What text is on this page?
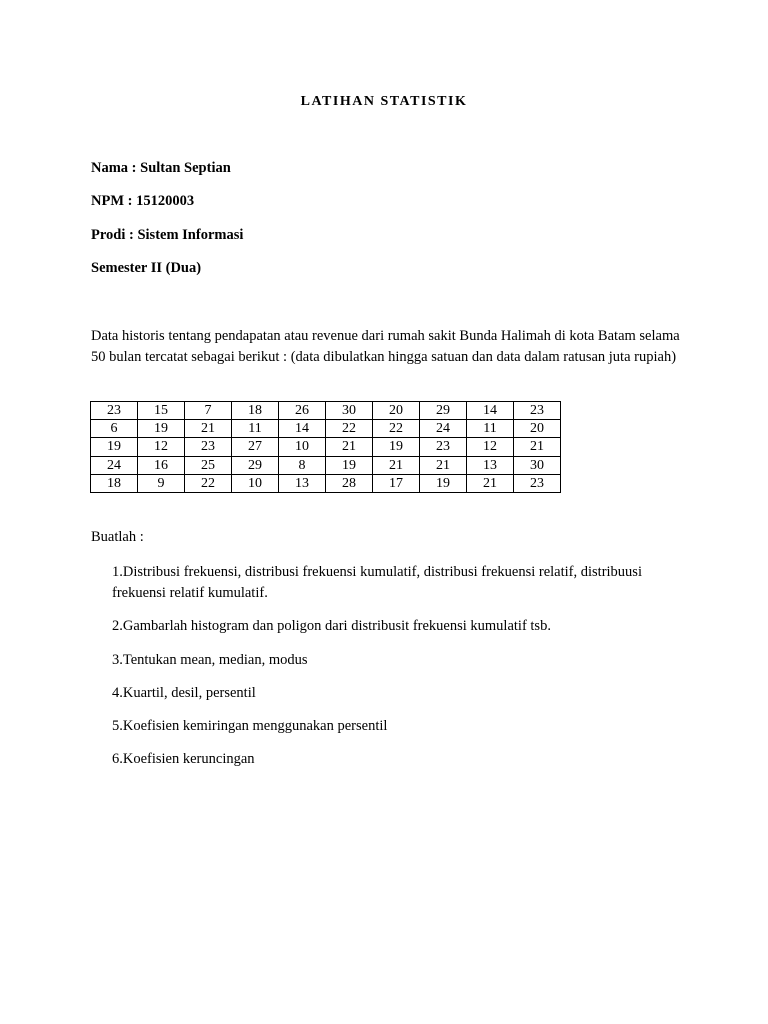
LATIHAN STATISTIK

Nama : Sultan Septian

NPM : 15120003

Prodi : Sistem Informasi

Semester II (Dua)

Data historis tentang pendapatan atau revenue dari rumah sakit Bunda Halimah di kota Batam selama 50 bulan tercatat sebagai berikut : (data dibulatkan hingga satuan dan data dalam ratusan juta rupiah)

23	15	7	18	26	30	20	29	14	23
6	19	21	11	14	22	22	24	11	20
19	12	23	27	10	21	19	23	12	21
24	16	25	29	8	19	21	21	13	30
18	9	22	10	13	28	17	19	21	23

Buatlah :

1.Distribusi frekuensi, distribusi frekuensi kumulatif, distribusi frekuensi relatif, distribuusi frekuensi relatif kumulatif.

2.Gambarlah histogram dan poligon dari distribusit frekuensi kumulatif tsb.

3.Tentukan mean, median, modus

4.Kuartil, desil, persentil

5.Koefisien kemiringan menggunakan persentil

6.Koefisien keruncingan
